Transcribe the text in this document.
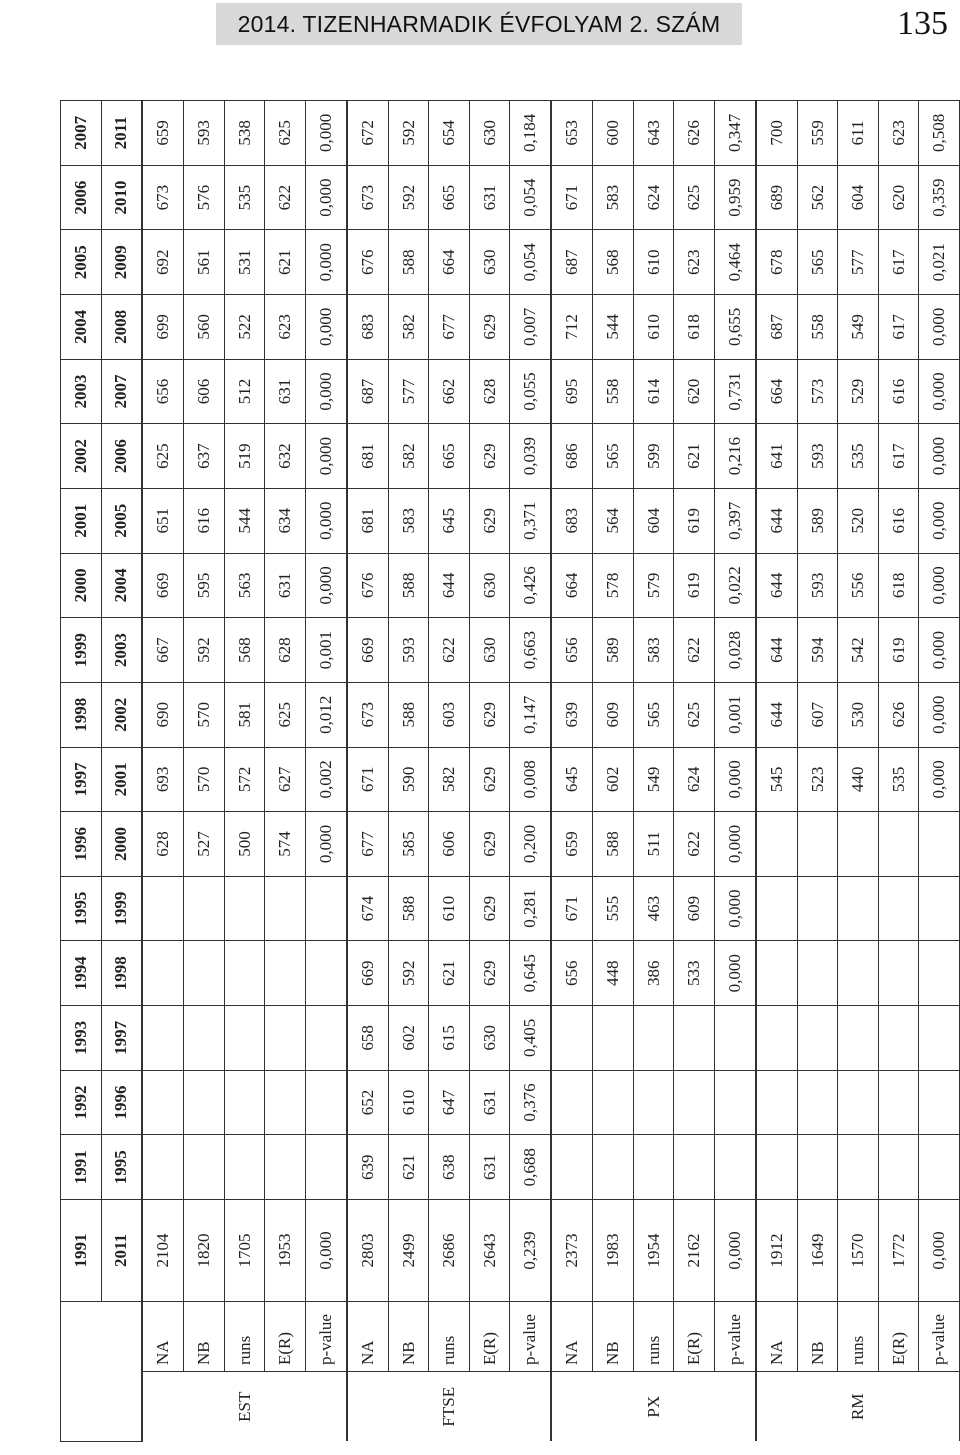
2014. TIZENHARMADIK ÉVFOLYAM 2. SZÁM	135
		1991	1991	1992	1993	1994	1995	1996	1997	1998	1999	2000	2001	2002	2003	2004	2005	2006	2007
		2011	1995	1996	1997	1998	1999	2000	2001	2002	2003	2004	2005	2006	2007	2008	2009	2010	2011
EST	NA	2104						628	693	690	667	669	651	625	656	699	692	673	659
	NB	1820						527	570	570	592	595	616	637	606	560	561	576	593
	runs	1705						500	572	581	568	563	544	519	512	522	531	535	538
	E(R)	1953						574	627	625	628	631	634	632	631	623	621	622	625
	p-value	0,000						0,000	0,002	0,012	0,001	0,000	0,000	0,000	0,000	0,000	0,000	0,000	0,000
FTSE	NA	2803	639	652	658	669	674	677	671	673	669	676	681	681	687	683	676	673	672
	NB	2499	621	610	602	592	588	585	590	588	593	588	583	582	577	582	588	592	592
	runs	2686	638	647	615	621	610	606	582	603	622	644	645	665	662	677	664	665	654
	E(R)	2643	631	631	630	629	629	629	629	629	630	630	629	629	628	629	630	631	630
	p-value	0,239	0,688	0,376	0,405	0,645	0,281	0,200	0,008	0,147	0,663	0,426	0,371	0,039	0,055	0,007	0,054	0,054	0,184
PX	NA	2373				656	671	659	645	639	656	664	683	686	695	712	687	671	653
	NB	1983				448	555	588	602	609	589	578	564	565	558	544	568	583	600
	runs	1954				386	463	511	549	565	583	579	604	599	614	610	610	624	643
	E(R)	2162				533	609	622	624	625	622	619	619	621	620	618	623	625	626
	p-value	0,000				0,000	0,000	0,000	0,000	0,001	0,028	0,022	0,397	0,216	0,731	0,655	0,464	0,959	0,347
RM	NA	1912							545	644	644	644	644	641	664	687	678	689	700
	NB	1649							523	607	594	593	589	593	573	558	565	562	559
	runs	1570							440	530	542	556	520	535	529	549	577	604	611
	E(R)	1772							535	626	619	618	616	617	616	617	617	620	623
	p-value	0,000							0,000	0,000	0,000	0,000	0,000	0,000	0,000	0,000	0,021	0,359	0,508
